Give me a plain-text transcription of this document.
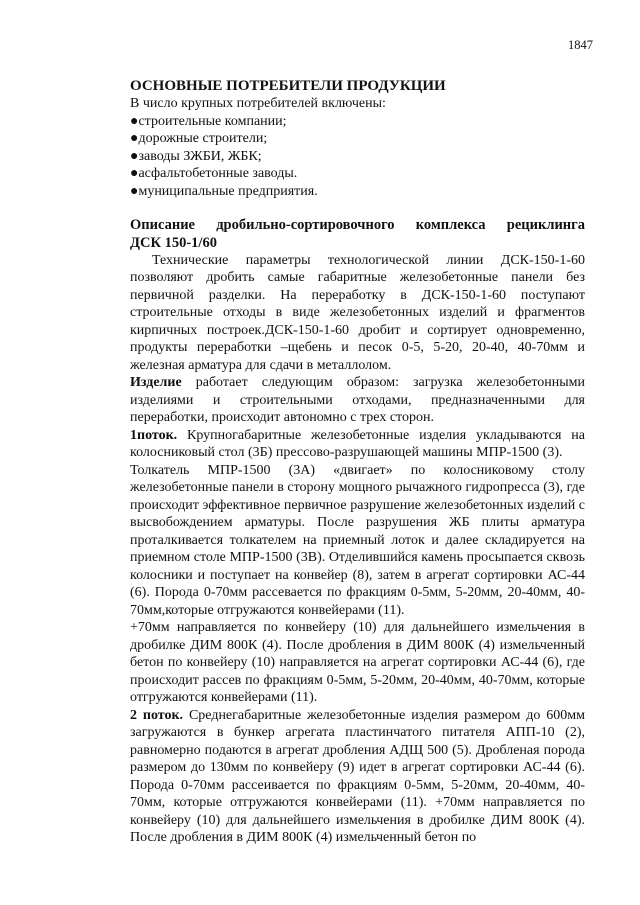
1847
ОСНОВНЫЕ ПОТРЕБИТЕЛИ ПРОДУКЦИИ
В число крупных потребителей включены:
●строительные компании;
●дорожные строители;
●заводы ЗЖБИ, ЖБК;
●асфальтобетонные заводы.
●муниципальные предприятия.
Описание дробильно-сортировочного комплекса рециклинга
ДСК 150-1/60

Технические параметры технологической линии ДСК-150-1-60 позволяют дробить самые габаритные железобетонные панели без первичной разделки. На переработку в ДСК-150-1-60 поступают строительные отходы в виде железобетонных изделий и фрагментов кирпичных построек.ДСК-150-1-60 дробит и сортирует одновременно, продукты переработки –щебень и песок 0-5, 5-20, 20-40, 40-70мм и железная арматура для сдачи в металлолом.

Изделие работает следующим образом: загрузка железобетонными изделиями и строительными отходами, предназначенными для переработки, происходит автономно с трех сторон.

1поток. Крупногабаритные железобетонные изделия укладываются на колосниковый стол (3Б) прессово-разрушающей машины МПР-1500 (3).

Толкатель МПР-1500 (3А) «двигает» по колосниковому столу железобетонные панели в сторону мощного рычажного гидропресса (3), где происходит эффективное первичное разрушение железобетонных изделий с высвобождением арматуры. После разрушения ЖБ плиты арматура проталкивается толкателем на приемный лоток и далее складируется на приемном столе МПР-1500 (3В). Отделившийся камень просыпается сквозь колосники и поступает на конвейер (8), затем в агрегат сортировки АС-44 (6). Порода 0-70мм рассевается по фракциям 0-5мм, 5-20мм, 20-40мм, 40-70мм,которые отгружаются конвейерами (11).

+70мм направляется по конвейеру (10) для дальнейшего измельчения в дробилке ДИМ 800К (4). После дробления в ДИМ 800К (4) измельченный бетон по конвейеру (10) направляется на агрегат сортировки АС-44 (6), где происходит рассев по фракциям 0-5мм, 5-20мм, 20-40мм, 40-70мм, которые отгружаются конвейерами (11).

2 поток. Среднегабаритные железобетонные изделия размером до 600мм загружаются в бункер агрегата пластинчатого питателя АПП-10 (2), равномерно подаются в агрегат дробления АДЩ 500 (5). Дробленая порода размером до 130мм по конвейеру (9) идет в агрегат сортировки АС-44 (6). Порода 0-70мм рассеивается по фракциям 0-5мм, 5-20мм, 20-40мм, 40-70мм, которые отгружаются конвейерами (11). +70мм направляется по конвейеру (10) для дальнейшего измельчения в дробилке ДИМ 800К (4). После дробления в ДИМ 800К (4) измельченный бетон по
